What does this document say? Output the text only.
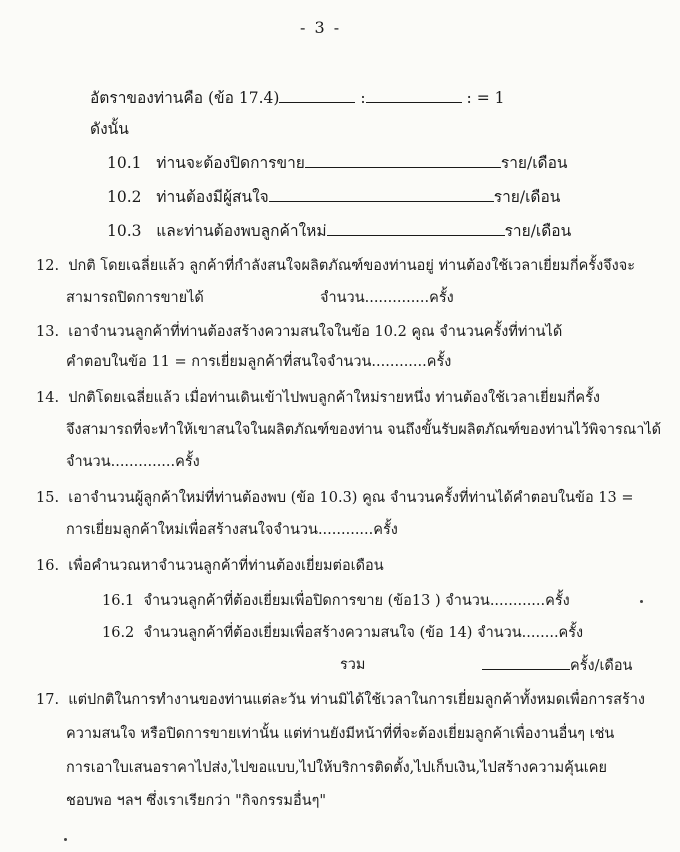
- 3 -
อัตราของท่านคือ (ข้อ 17.4)	:	: = 1
ดังนั้น
10.1 ท่านจะต้องปิดการขาย	ราย/เดือน
10.2 ท่านต้องมีผู้สนใจ	ราย/เดือน
10.3 และท่านต้องพบลูกค้าใหม่	ราย/เดือน
12. ปกติ โดยเฉลี่ยแล้ว ลูกค้าที่กำลังสนใจผลิตภัณฑ์ของท่านอยู่ ท่านต้องใช้เวลาเยี่ยมกี่ครั้งจึงจะ
สามารถปิดการขายได้	จำนวน..............ครั้ง
13. เอาจำนวนลูกค้าที่ท่านต้องสร้างความสนใจในข้อ 10.2 คูณ จำนวนครั้งที่ท่านได้
คำตอบในข้อ 11 = การเยี่ยมลูกค้าที่สนใจจำนวน............ครั้ง
14. ปกติโดยเฉลี่ยแล้ว เมื่อท่านเดินเข้าไปพบลูกค้าใหม่รายหนึ่ง ท่านต้องใช้เวลาเยี่ยมกี่ครั้ง
จึงสามารถที่จะทำให้เขาสนใจในผลิตภัณฑ์ของท่าน จนถึงขั้นรับผลิตภัณฑ์ของท่านไว้พิจารณาได้
จำนวน..............ครั้ง
15. เอาจำนวนผู้ลูกค้าใหม่ที่ท่านต้องพบ (ข้อ 10.3) คูณ จำนวนครั้งที่ท่านได้คำตอบในข้อ 13 =
การเยี่ยมลูกค้าใหม่เพื่อสร้างสนใจจำนวน............ครั้ง
16. เพื่อคำนวณหาจำนวนลูกค้าที่ท่านต้องเยี่ยมต่อเดือน
16.1 จำนวนลูกค้าที่ต้องเยี่ยมเพื่อปิดการขาย (ข้อ13 ) จำนวน............ครั้ง
16.2 จำนวนลูกค้าที่ต้องเยี่ยมเพื่อสร้างความสนใจ (ข้อ 14) จำนวน........ครั้ง
รวม	ครั้ง/เดือน
17. แต่ปกติในการทำงานของท่านแต่ละวัน ท่านมิได้ใช้เวลาในการเยี่ยมลูกค้าทั้งหมดเพื่อการสร้าง
ความสนใจ หรือปิดการขายเท่านั้น แต่ท่านยังมีหน้าที่ที่จะต้องเยี่ยมลูกค้าเพื่องานอื่นๆ เช่น
การเอาใบเสนอราคาไปส่ง,ไปขอแบบ,ไปให้บริการติดตั้ง,ไปเก็บเงิน,ไปสร้างความคุ้นเคย
ชอบพอ ฯลฯ ซึ่งเราเรียกว่า "กิจกรรมอื่นๆ"
